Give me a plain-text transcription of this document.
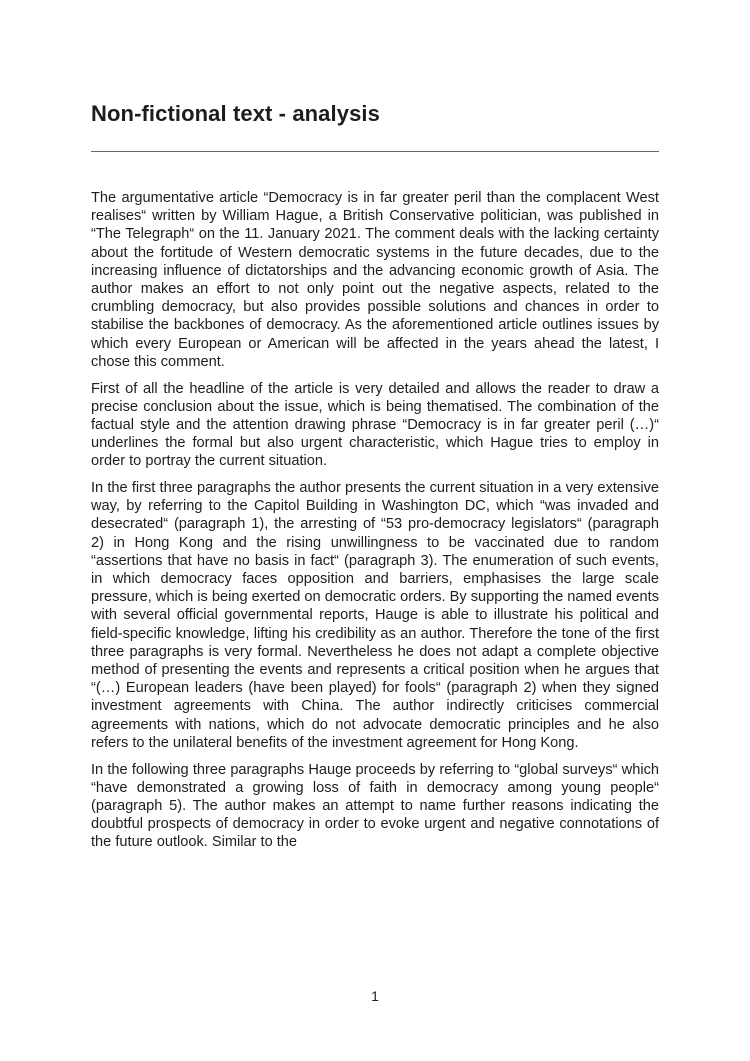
Non-fictional text - analysis

The argumentative article “Democracy is in far greater peril than the complacent West realises“ written by William Hague, a British Conservative politician, was published in “The Telegraph“ on the 11. January 2021. The comment deals with the lacking certainty about the fortitude of Western democratic systems in the future decades, due to the increasing influence of dictatorships and the advancing economic growth of Asia. The author makes an effort to not only point out the negative aspects, related to the crumbling democracy, but also provides possible solutions and chances in order to stabilise the backbones of democracy. As the aforementioned article outlines issues by which every European or American will be affected in the years ahead the latest, I chose this comment.

First of all the headline of the article is very detailed and allows the reader to draw a precise conclusion about the issue, which is being thematised. The combination of the factual style and the attention drawing phrase “Democracy is in far greater peril (…)“ underlines the formal but also urgent characteristic, which Hague tries to employ in order to portray the current situation.

In the first three paragraphs the author presents the current situation in a very extensive way, by referring to the Capitol Building in Washington DC, which “was invaded and desecrated“ (paragraph 1), the arresting of “53 pro-democracy legislators“ (paragraph 2) in Hong Kong and the rising unwillingness to be vaccinated due to random “assertions that have no basis in fact“ (paragraph 3). The enumeration of such events, in which democracy faces opposition and barriers, emphasises the large scale pressure, which is being exerted on democratic orders. By supporting the named events with several official governmental reports, Hauge is able to illustrate his political and field-specific knowledge, lifting his credibility as an author. Therefore the tone of the first three paragraphs is very formal. Nevertheless he does not adapt a complete objective method of presenting the events and represents a critical position when he argues that “(…) European leaders (have been played) for fools“ (paragraph 2) when they signed investment agreements with China. The author indirectly criticises commercial agreements with nations, which do not advocate democratic principles and he also refers to the unilateral benefits of the investment agreement for Hong Kong.

In the following three paragraphs Hauge proceeds by referring to “global surveys“ which “have demonstrated a growing loss of faith in democracy among young people“ (paragraph 5). The author makes an attempt to name further reasons indicating the doubtful prospects of democracy in order to evoke urgent and negative connotations of the future outlook. Similar to the

1
